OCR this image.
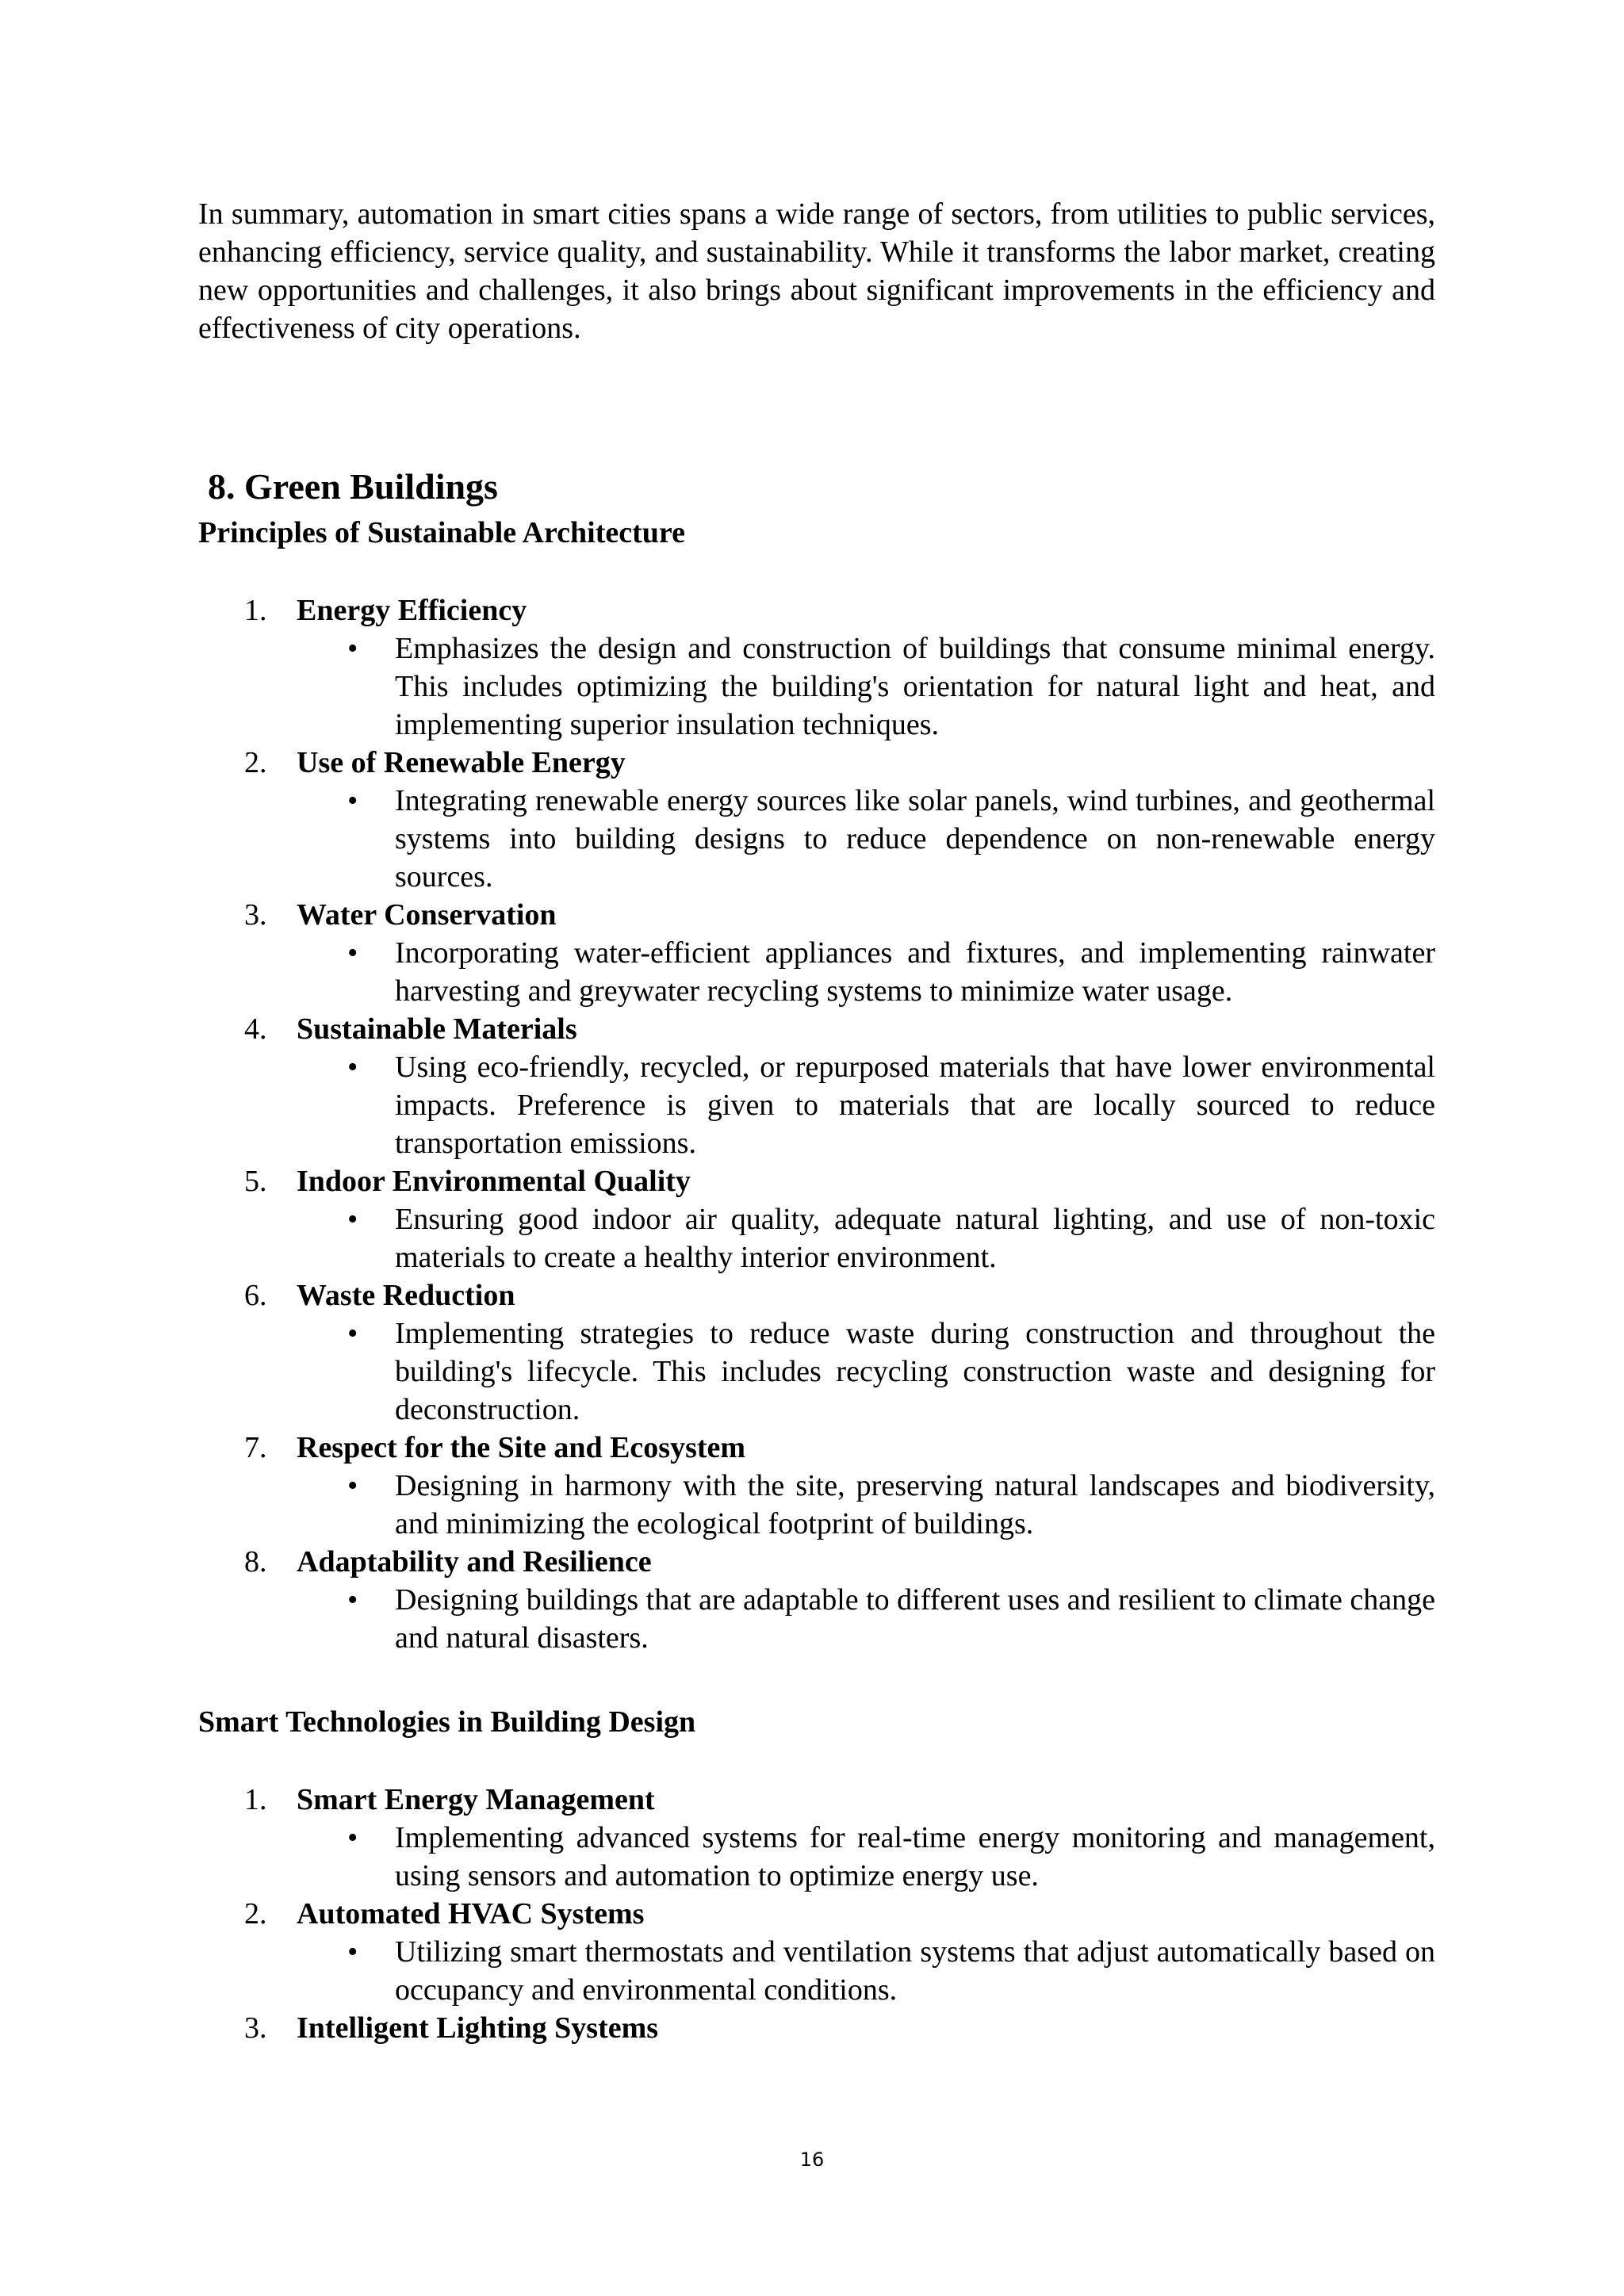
In summary, automation in smart cities spans a wide range of sectors, from utilities to public services, enhancing efficiency, service quality, and sustainability. While it transforms the labor market, creating new opportunities and challenges, it also brings about significant improvements in the efficiency and effectiveness of city operations.

8. Green Buildings
Principles of Sustainable Architecture
1. Energy Efficiency
• Emphasizes the design and construction of buildings that consume minimal energy. This includes optimizing the building's orientation for natural light and heat, and implementing superior insulation techniques.
2. Use of Renewable Energy
• Integrating renewable energy sources like solar panels, wind turbines, and geothermal systems into building designs to reduce dependence on non-renewable energy sources.
3. Water Conservation
• Incorporating water-efficient appliances and fixtures, and implementing rainwater harvesting and greywater recycling systems to minimize water usage.
4. Sustainable Materials
• Using eco-friendly, recycled, or repurposed materials that have lower environmental impacts. Preference is given to materials that are locally sourced to reduce transportation emissions.
5. Indoor Environmental Quality
• Ensuring good indoor air quality, adequate natural lighting, and use of non-toxic materials to create a healthy interior environment.
6. Waste Reduction
• Implementing strategies to reduce waste during construction and throughout the building's lifecycle. This includes recycling construction waste and designing for deconstruction.
7. Respect for the Site and Ecosystem
• Designing in harmony with the site, preserving natural landscapes and biodiversity, and minimizing the ecological footprint of buildings.
8. Adaptability and Resilience
• Designing buildings that are adaptable to different uses and resilient to climate change and natural disasters.
Smart Technologies in Building Design
1. Smart Energy Management
• Implementing advanced systems for real-time energy monitoring and management, using sensors and automation to optimize energy use.
2. Automated HVAC Systems
• Utilizing smart thermostats and ventilation systems that adjust automatically based on occupancy and environmental conditions.
3. Intelligent Lighting Systems
16
